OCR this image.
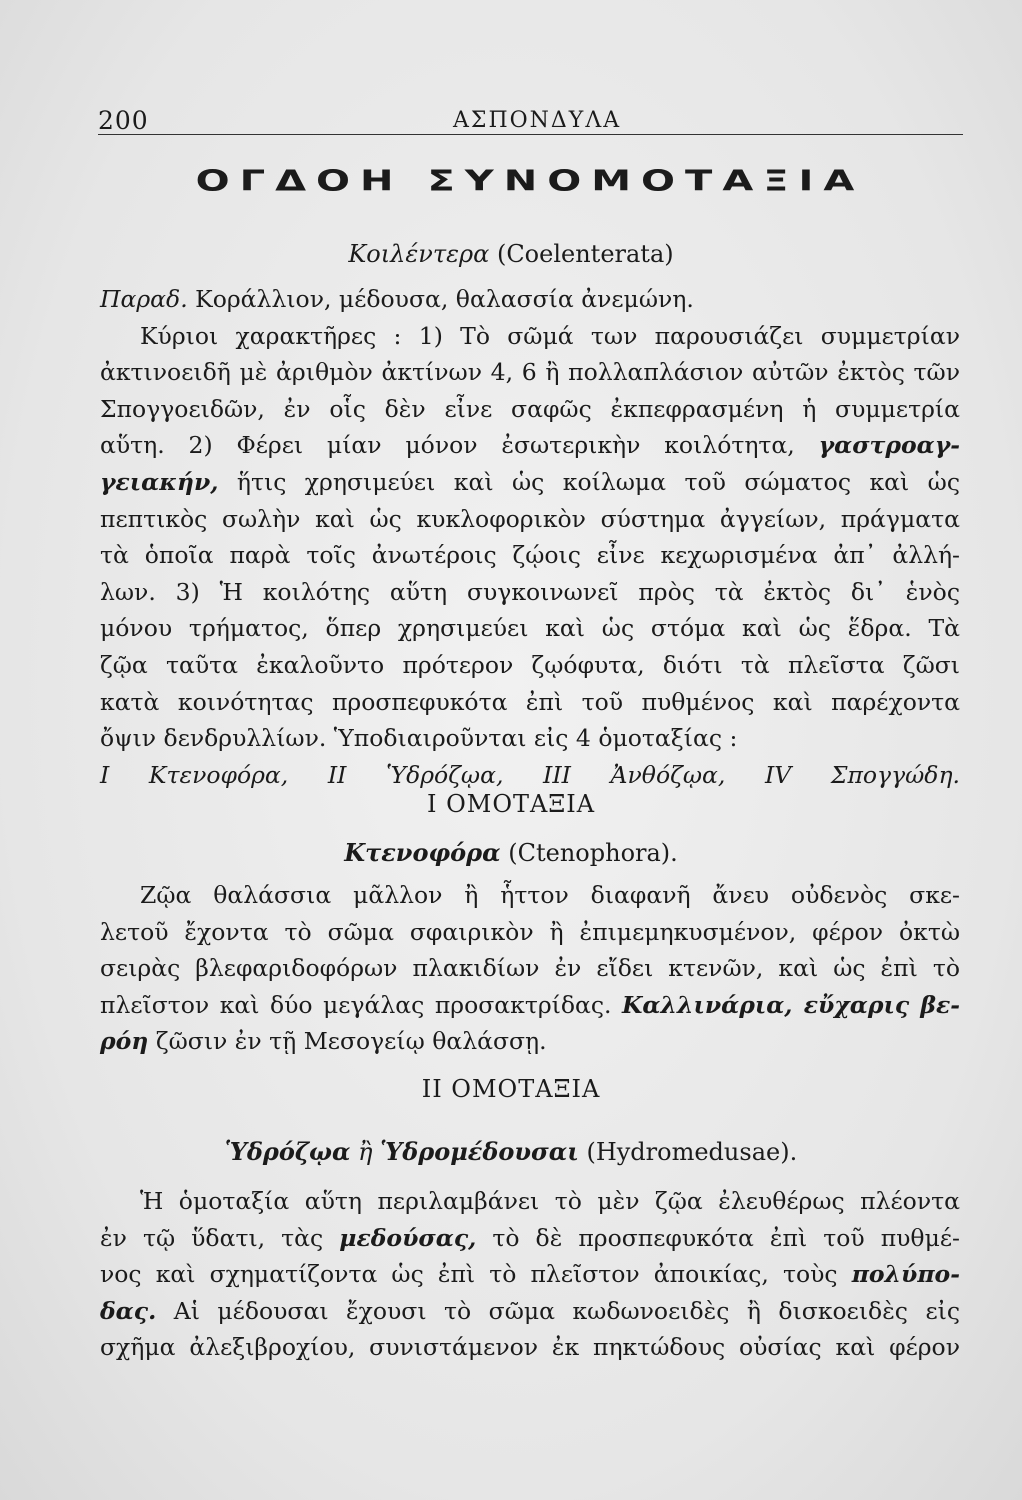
200	ΑΣΠΟΝΔΥΛΑ
ΟΓΔΟΗ ΣΥΝΟΜΟΤΑΞΙΑ
Κοιλέντερα (Coelenterata)
Παραδ. Κοράλλιον, μέδουσα, θαλασσία ἀνεμώνη.
Κύριοι χαρακτῆρες : 1) Τὸ σῶμά των παρουσιάζει συμμετρίαν
ἀκτινοειδῆ μὲ ἀριθμὸν ἀκτίνων 4, 6 ἢ πολλαπλάσιον αὐτῶν ἐκτὸς τῶν
Σπογγοειδῶν, ἐν οἷς δὲν εἶνε σαφῶς ἐκπεφρασμένη ἡ συμμετρία
αὕτη. 2) Φέρει μίαν μόνον ἐσωτερικὴν κοιλότητα, γαστροαγ-
γειακήν, ἥτις χρησιμεύει καὶ ὡς κοίλωμα τοῦ σώματος καὶ ὡς
πεπτικὸς σωλὴν καὶ ὡς κυκλοφορικὸν σύστημα ἀγγείων, πράγματα
τὰ ὁποῖα παρὰ τοῖς ἀνωτέροις ζῴοις εἶνε κεχωρισμένα ἀπ᾽ ἀλλή-
λων. 3) Ἡ κοιλότης αὕτη συγκοινωνεῖ πρὸς τὰ ἐκτὸς δι᾽ ἑνὸς
μόνου τρήματος, ὅπερ χρησιμεύει καὶ ὡς στόμα καὶ ὡς ἕδρα. Τὰ
ζῷα ταῦτα ἐκαλοῦντο πρότερον ζῳόφυτα, διότι τὰ πλεῖστα ζῶσι
κατὰ κοινότητας προσπεφυκότα ἐπὶ τοῦ πυθμένος καὶ παρέχοντα
ὄψιν δενδρυλλίων. Ὑποδιαιροῦνται εἰς 4 ὁμοταξίας :
I Κτενοφόρα, II Ὑδρόζῳα, III Ἀνθόζῳα, IV Σπογγώδη.
Ι ΟΜΟΤΑΞΙΑ
Κτενοφόρα (Ctenophora).
Ζῷα θαλάσσια μᾶλλον ἢ ἧττον διαφανῆ ἄνευ οὐδενὸς σκε-
λετοῦ ἔχοντα τὸ σῶμα σφαιρικὸν ἢ ἐπιμεμηκυσμένον, φέρον ὀκτὼ
σειρὰς βλεφαριδοφόρων πλακιδίων ἐν εἴδει κτενῶν, καὶ ὡς ἐπὶ τὸ
πλεῖστον καὶ δύο μεγάλας προσακτρίδας. Καλλινάρια, εὔχαρις βε-
ρόη ζῶσιν ἐν τῇ Μεσογείῳ θαλάσσῃ.
ΙΙ ΟΜΟΤΑΞΙΑ
Ὑδρόζῳα ἢ Ὑδρομέδουσαι (Hydromedusae).
Ἡ ὁμοταξία αὕτη περιλαμβάνει τὸ μὲν ζῷα ἐλευθέρως πλέοντα
ἐν τῷ ὕδατι, τὰς μεδούσας, τὸ δὲ προσπεφυκότα ἐπὶ τοῦ πυθμέ-
νος καὶ σχηματίζοντα ὡς ἐπὶ τὸ πλεῖστον ἀποικίας, τοὺς πολύπο-
δας. Αἱ μέδουσαι ἔχουσι τὸ σῶμα κωδωνοειδὲς ἢ δισκοειδὲς εἰς
σχῆμα ἀλεξιβροχίου, συνιστάμενον ἐκ πηκτώδους οὐσίας καὶ φέρον
